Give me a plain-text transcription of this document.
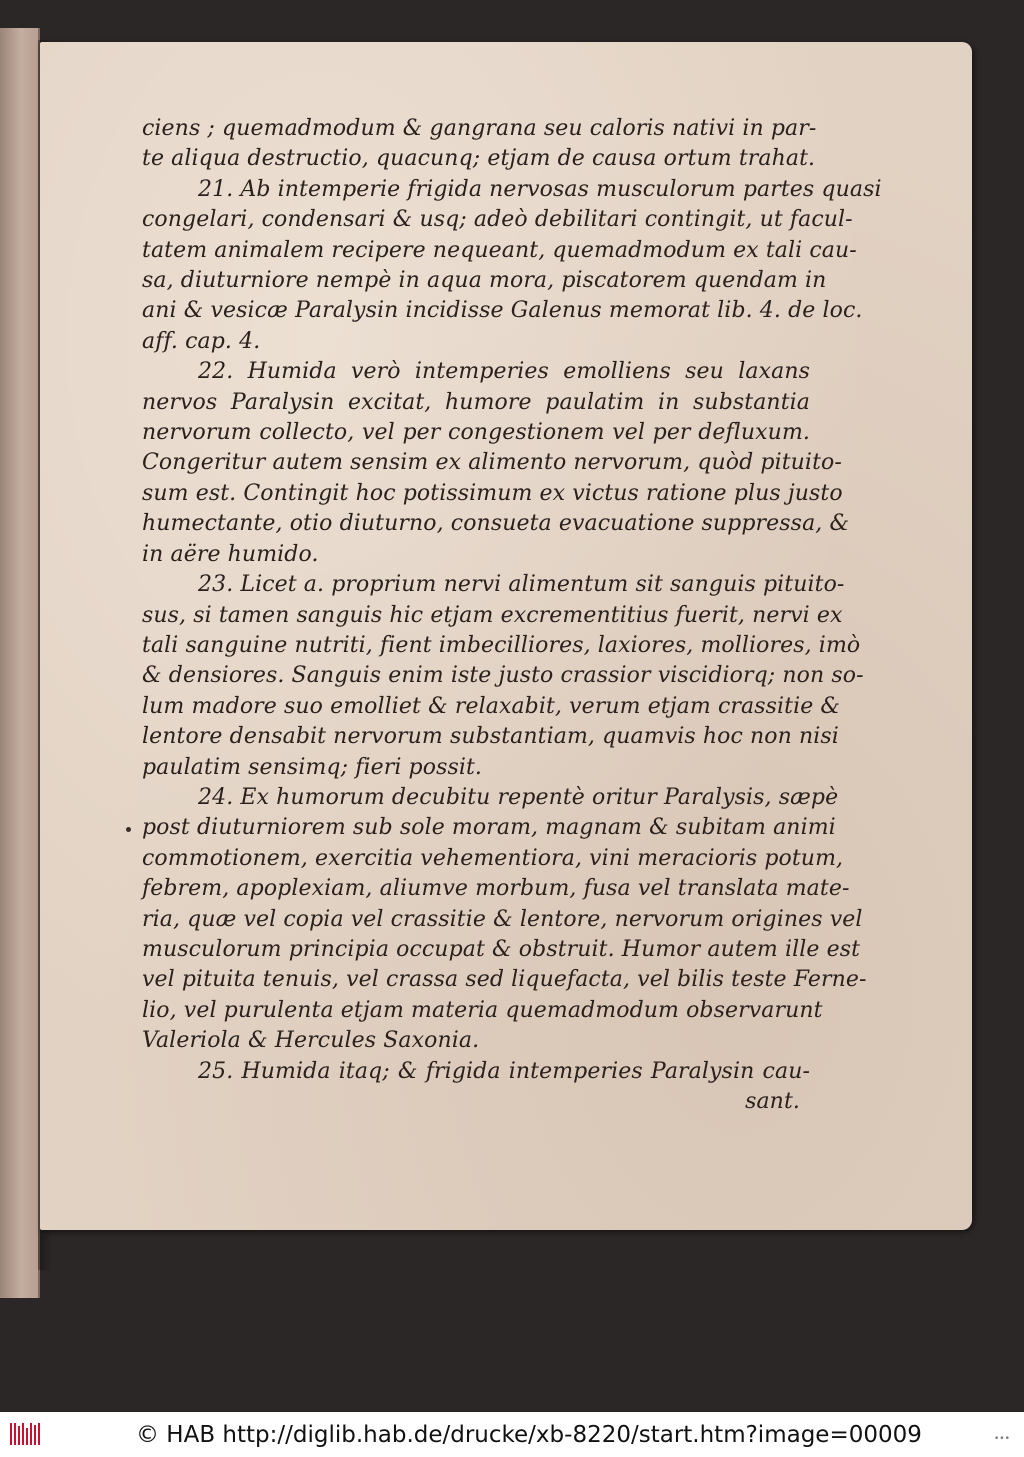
ciens ; quemadmodum & gangrana seu caloris nativi in par-
te aliqua destructio, quacunq; etjam de causa ortum trahat.
21. Ab intemperie frigida nervosas musculorum partes quasi
congelari, condensari & usq; adeò debilitari contingit, ut facul-
tatem animalem recipere nequeant, quemadmodum ex tali cau-
sa, diuturniore nempè in aqua mora, piscatorem quendam in
ani & vesicæ Paralysin incidisse Galenus memorat lib. 4. de loc.
aff. cap. 4.
22. Humida verò intemperies emolliens seu laxans
nervos Paralysin excitat, humore paulatim in substantia
nervorum collecto, vel per congestionem vel per defluxum.
Congeritur autem sensim ex alimento nervorum, quòd pituito-
sum est. Contingit hoc potissimum ex victus ratione plus justo
humectante, otio diuturno, consueta evacuatione suppressa, &
in aëre humido.
23. Licet a. proprium nervi alimentum sit sanguis pituito-
sus, si tamen sanguis hic etjam excrementitius fuerit, nervi ex
tali sanguine nutriti, fient imbecilliores, laxiores, molliores, imò
& densiores. Sanguis enim iste justo crassior viscidiorq; non so-
lum madore suo emolliet & relaxabit, verum etjam crassitie &
lentore densabit nervorum substantiam, quamvis hoc non nisi
paulatim sensimq; fieri possit.
24. Ex humorum decubitu repentè oritur Paralysis, sæpè
post diuturniorem sub sole moram, magnam & subitam animi
commotionem, exercitia vehementiora, vini meracioris potum,
febrem, apoplexiam, aliumve morbum, fusa vel translata mate-
ria, quæ vel copia vel crassitie & lentore, nervorum origines vel
musculorum principia occupat & obstruit. Humor autem ille est
vel pituita tenuis, vel crassa sed liquefacta, vel bilis teste Ferne-
lio, vel purulenta etjam materia quemadmodum observarunt
Valeriola & Hercules Saxonia.
25. Humida itaq; & frigida intemperies Paralysin cau-
sant.
© HAB http://diglib.hab.de/drucke/xb-8220/start.htm?image=00009	•••
